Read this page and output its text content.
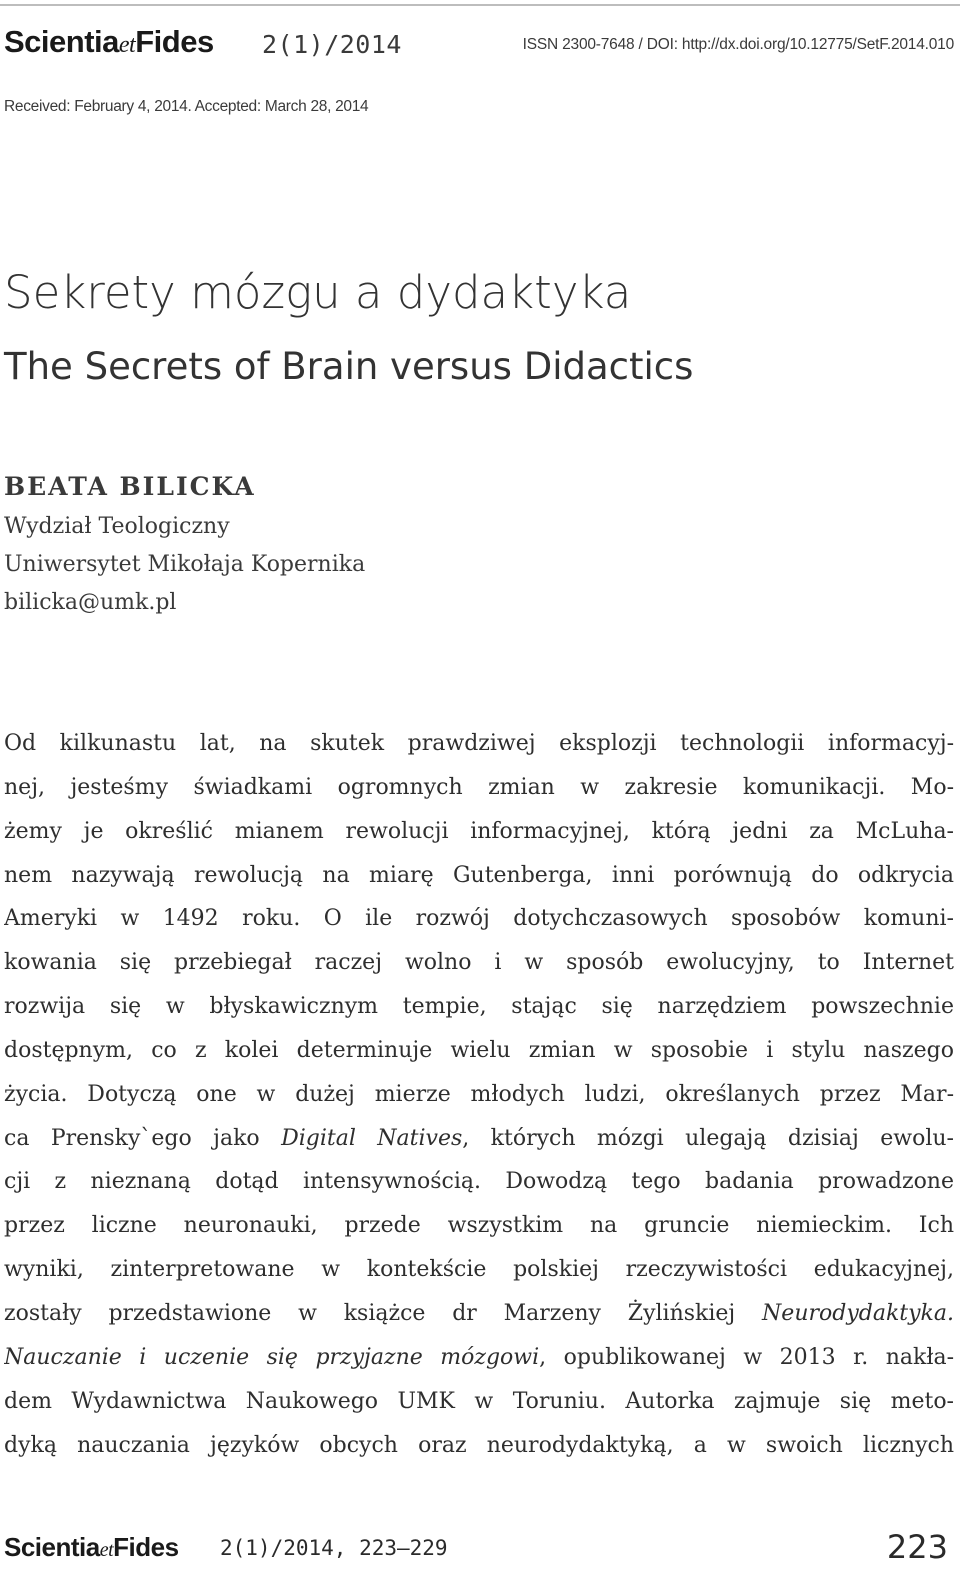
ScientiaetFides 2(1)/2014	ISSN 2300-7648 / DOI: http://dx.doi.org/10.12775/SetF.2014.010
Received: February 4, 2014. Accepted: March 28, 2014
Sekrety mózgu a dydaktyka
The Secrets of Brain versus Didactics
BEATA BILICKA
Wydział Teologiczny
Uniwersytet Mikołaja Kopernika
bilicka@umk.pl
Od kilkunastu lat, na skutek prawdziwej eksplozji technologii informacyj-
nej, jesteśmy świadkami ogromnych zmian w zakresie komunikacji. Mo-
żemy je określić mianem rewolucji informacyjnej, którą jedni za McLuha-
nem nazywają rewolucją na miarę Gutenberga, inni porównują do odkrycia
Ameryki w 1492 roku. O ile rozwój dotychczasowych sposobów komuni-
kowania się przebiegał raczej wolno i w sposób ewolucyjny, to Internet
rozwija się w błyskawicznym tempie, stając się narzędziem powszechnie
dostępnym, co z kolei determinuje wielu zmian w sposobie i stylu naszego
życia. Dotyczą one w dużej mierze młodych ludzi, określanych przez Mar-
ca Prensky`ego jako Digital Natives, których mózgi ulegają dzisiaj ewolu-
cji z nieznaną dotąd intensywnością. Dowodzą tego badania prowadzone
przez liczne neuronauki, przede wszystkim na gruncie niemieckim. Ich
wyniki, zinterpretowane w kontekście polskiej rzeczywistości edukacyjnej,
zostały przedstawione w książce dr Marzeny Żylińskiej Neurodydaktyka.
Nauczanie i uczenie się przyjazne mózgowi, opublikowanej w 2013 r. nakła-
dem Wydawnictwa Naukowego UMK w Toruniu. Autorka zajmuje się meto-
dyką nauczania języków obcych oraz neurodydaktyką, a w swoich licznych
ScientiaetFides 2(1)/2014, 223–229	223
